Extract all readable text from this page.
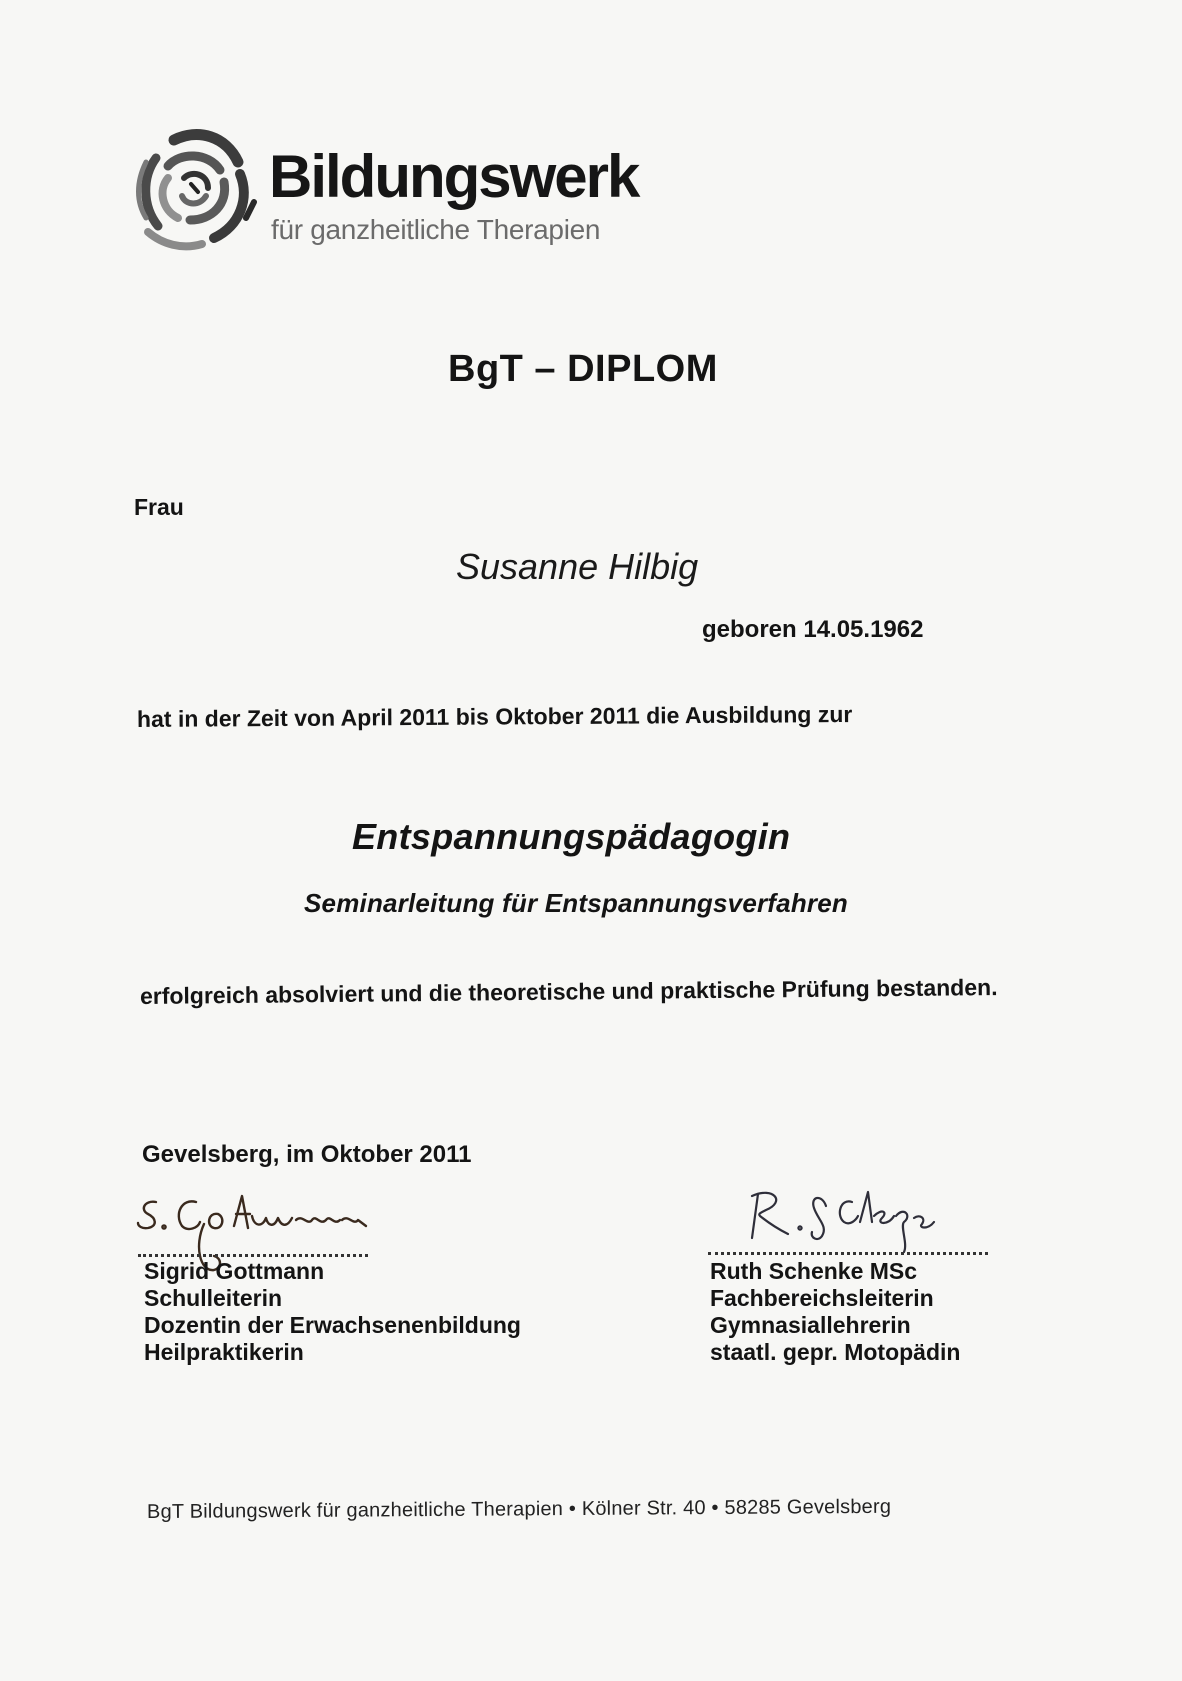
Bildungswerk
für ganzheitliche Therapien
BgT – DIPLOM
Frau
Susanne Hilbig
geboren 14.05.1962
hat in der Zeit von April 2011 bis Oktober 2011 die Ausbildung zur
Entspannungspädagogin
Seminarleitung für Entspannungsverfahren
erfolgreich absolviert und die theoretische und praktische Prüfung bestanden.
Gevelsberg, im Oktober 2011
Sigrid Gottmann
Schulleiterin
Dozentin der Erwachsenenbildung
Heilpraktikerin
Ruth Schenke MSc
Fachbereichsleiterin
Gymnasiallehrerin
staatl. gepr. Motopädin
BgT Bildungswerk für ganzheitliche Therapien • Kölner Str. 40 • 58285 Gevelsberg
